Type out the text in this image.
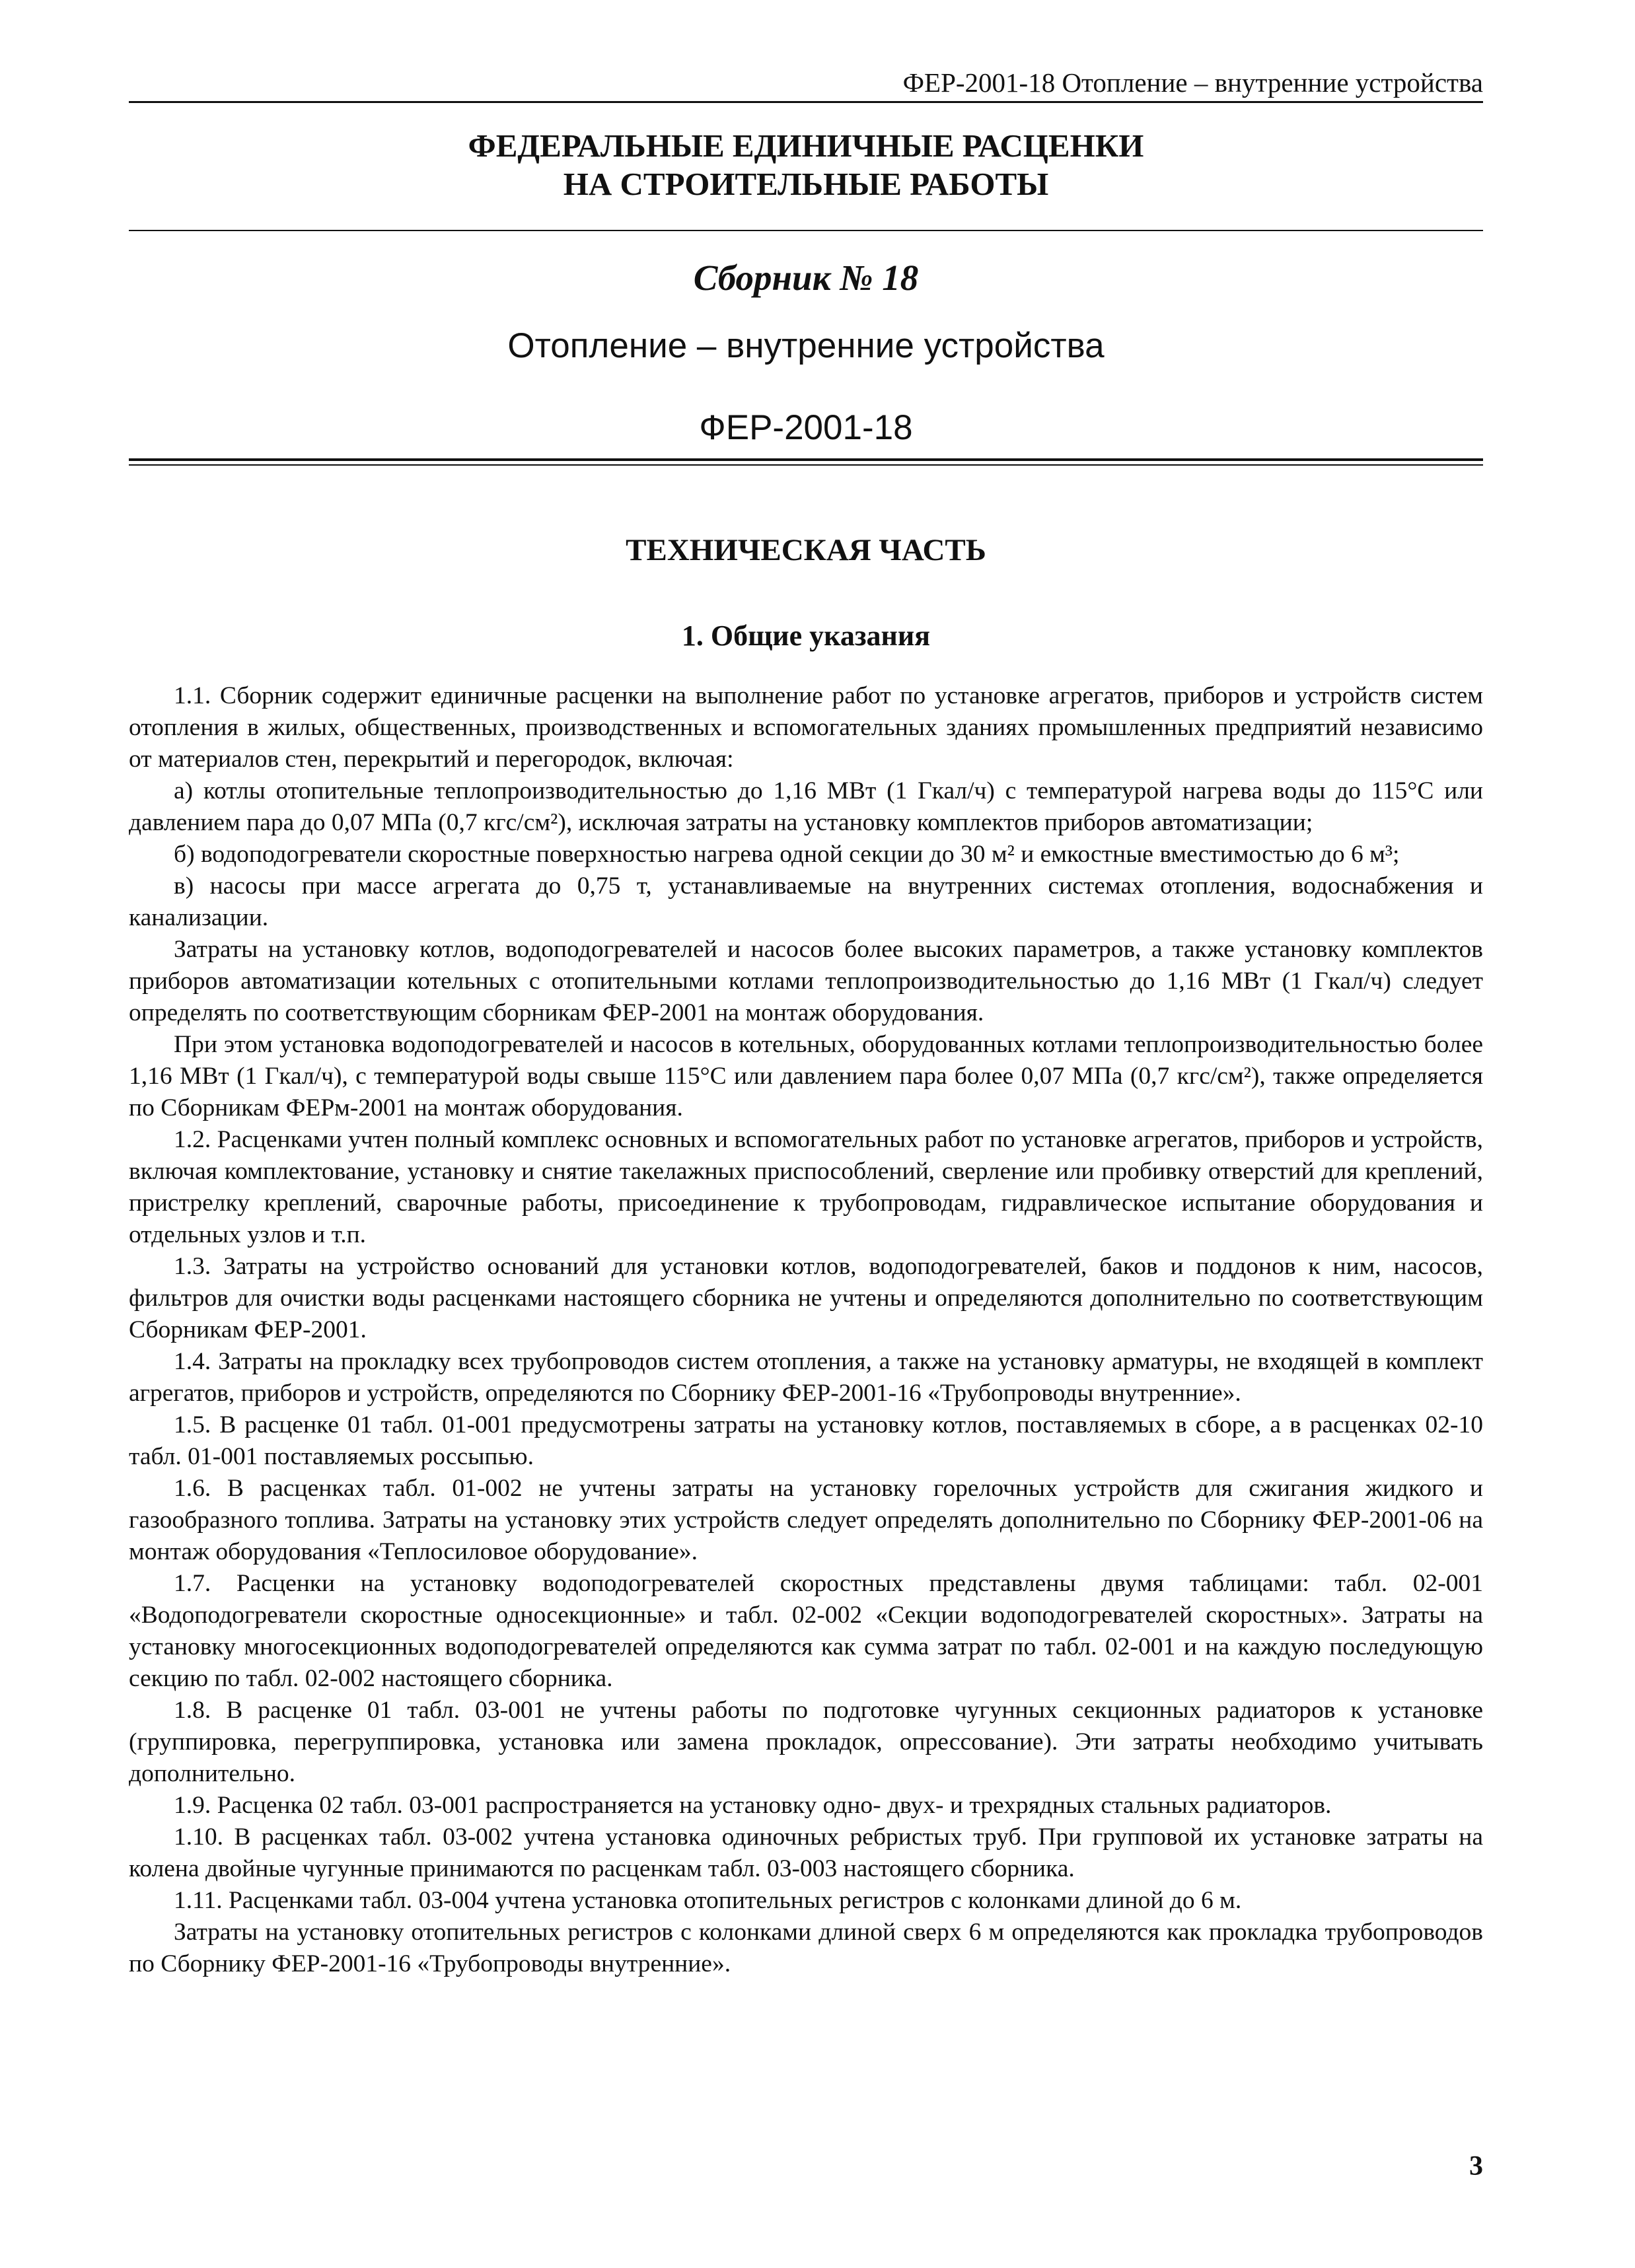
ФЕР-2001-18 Отопление – внутренние устройства
ФЕДЕРАЛЬНЫЕ ЕДИНИЧНЫЕ РАСЦЕНКИ
НА СТРОИТЕЛЬНЫЕ РАБОТЫ
Сборник № 18
Отопление – внутренние устройства
ФЕР-2001-18
ТЕХНИЧЕСКАЯ ЧАСТЬ
1. Общие указания

1.1. Сборник содержит единичные расценки на выполнение работ по установке агрегатов, приборов и устройств систем отопления в жилых, общественных, производственных и вспомогательных зданиях промышленных предприятий независимо от материалов стен, перекрытий и перегородок, включая:

а) котлы отопительные теплопроизводительностью до 1,16 МВт (1 Гкал/ч) с температурой нагрева воды до 115°С или давлением пара до 0,07 МПа (0,7 кгс/см²), исключая затраты на установку комплектов приборов автоматизации;

б) водоподогреватели скоростные поверхностью нагрева одной секции до 30 м² и емкостные вместимостью до 6 м³;

в) насосы при массе агрегата до 0,75 т, устанавливаемые на внутренних системах отопления, водоснабжения и канализации.

Затраты на установку котлов, водоподогревателей и насосов более высоких параметров, а также установку комплектов приборов автоматизации котельных с отопительными котлами теплопроизводительностью до 1,16 МВт (1 Гкал/ч) следует определять по соответствующим сборникам ФЕР-2001 на монтаж оборудования.

При этом установка водоподогревателей и насосов в котельных, оборудованных котлами теплопроизводительностью более 1,16 МВт (1 Гкал/ч), с температурой воды свыше 115°С или давлением пара более 0,07 МПа (0,7 кгс/см²), также определяется по Сборникам ФЕРм-2001 на монтаж оборудования.

1.2. Расценками учтен полный комплекс основных и вспомогательных работ по установке агрегатов, приборов и устройств, включая комплектование, установку и снятие такелажных приспособлений, сверление или пробивку отверстий для креплений, пристрелку креплений, сварочные работы, присоединение к трубопроводам, гидравлическое испытание оборудования и отдельных узлов и т.п.

1.3. Затраты на устройство оснований для установки котлов, водоподогревателей, баков и поддонов к ним, насосов, фильтров для очистки воды расценками настоящего сборника не учтены и определяются дополнительно по соответствующим Сборникам ФЕР-2001.

1.4. Затраты на прокладку всех трубопроводов систем отопления, а также на установку арматуры, не входящей в комплект агрегатов, приборов и устройств, определяются по Сборнику ФЕР-2001-16 «Трубопроводы внутренние».

1.5. В расценке 01 табл. 01-001 предусмотрены затраты на установку котлов, поставляемых в сборе, а в расценках 02-10 табл. 01-001 поставляемых россыпью.

1.6. В расценках табл. 01-002 не учтены затраты на установку горелочных устройств для сжигания жидкого и газообразного топлива. Затраты на установку этих устройств следует определять дополнительно по Сборнику ФЕР-2001-06 на монтаж оборудования «Теплосиловое оборудование».

1.7. Расценки на установку водоподогревателей скоростных представлены двумя таблицами: табл. 02-001 «Водоподогреватели скоростные односекционные» и табл. 02-002 «Секции водоподогревателей скоростных». Затраты на установку многосекционных водоподогревателей определяются как сумма затрат по табл. 02-001 и на каждую последующую секцию по табл. 02-002 настоящего сборника.

1.8. В расценке 01 табл. 03-001 не учтены работы по подготовке чугунных секционных радиаторов к установке (группировка, перегруппировка, установка или замена прокладок, опрессование). Эти затраты необходимо учитывать дополнительно.

1.9. Расценка 02 табл. 03-001 распространяется на установку одно- двух- и трехрядных стальных радиаторов.

1.10. В расценках табл. 03-002 учтена установка одиночных ребристых труб. При групповой их установке затраты на колена двойные чугунные принимаются по расценкам табл. 03-003 настоящего сборника.

1.11. Расценками табл. 03-004 учтена установка отопительных регистров с колонками длиной до 6 м.

Затраты на установку отопительных регистров с колонками длиной сверх 6 м определяются как прокладка трубопроводов по Сборнику ФЕР-2001-16 «Трубопроводы внутренние».

3
